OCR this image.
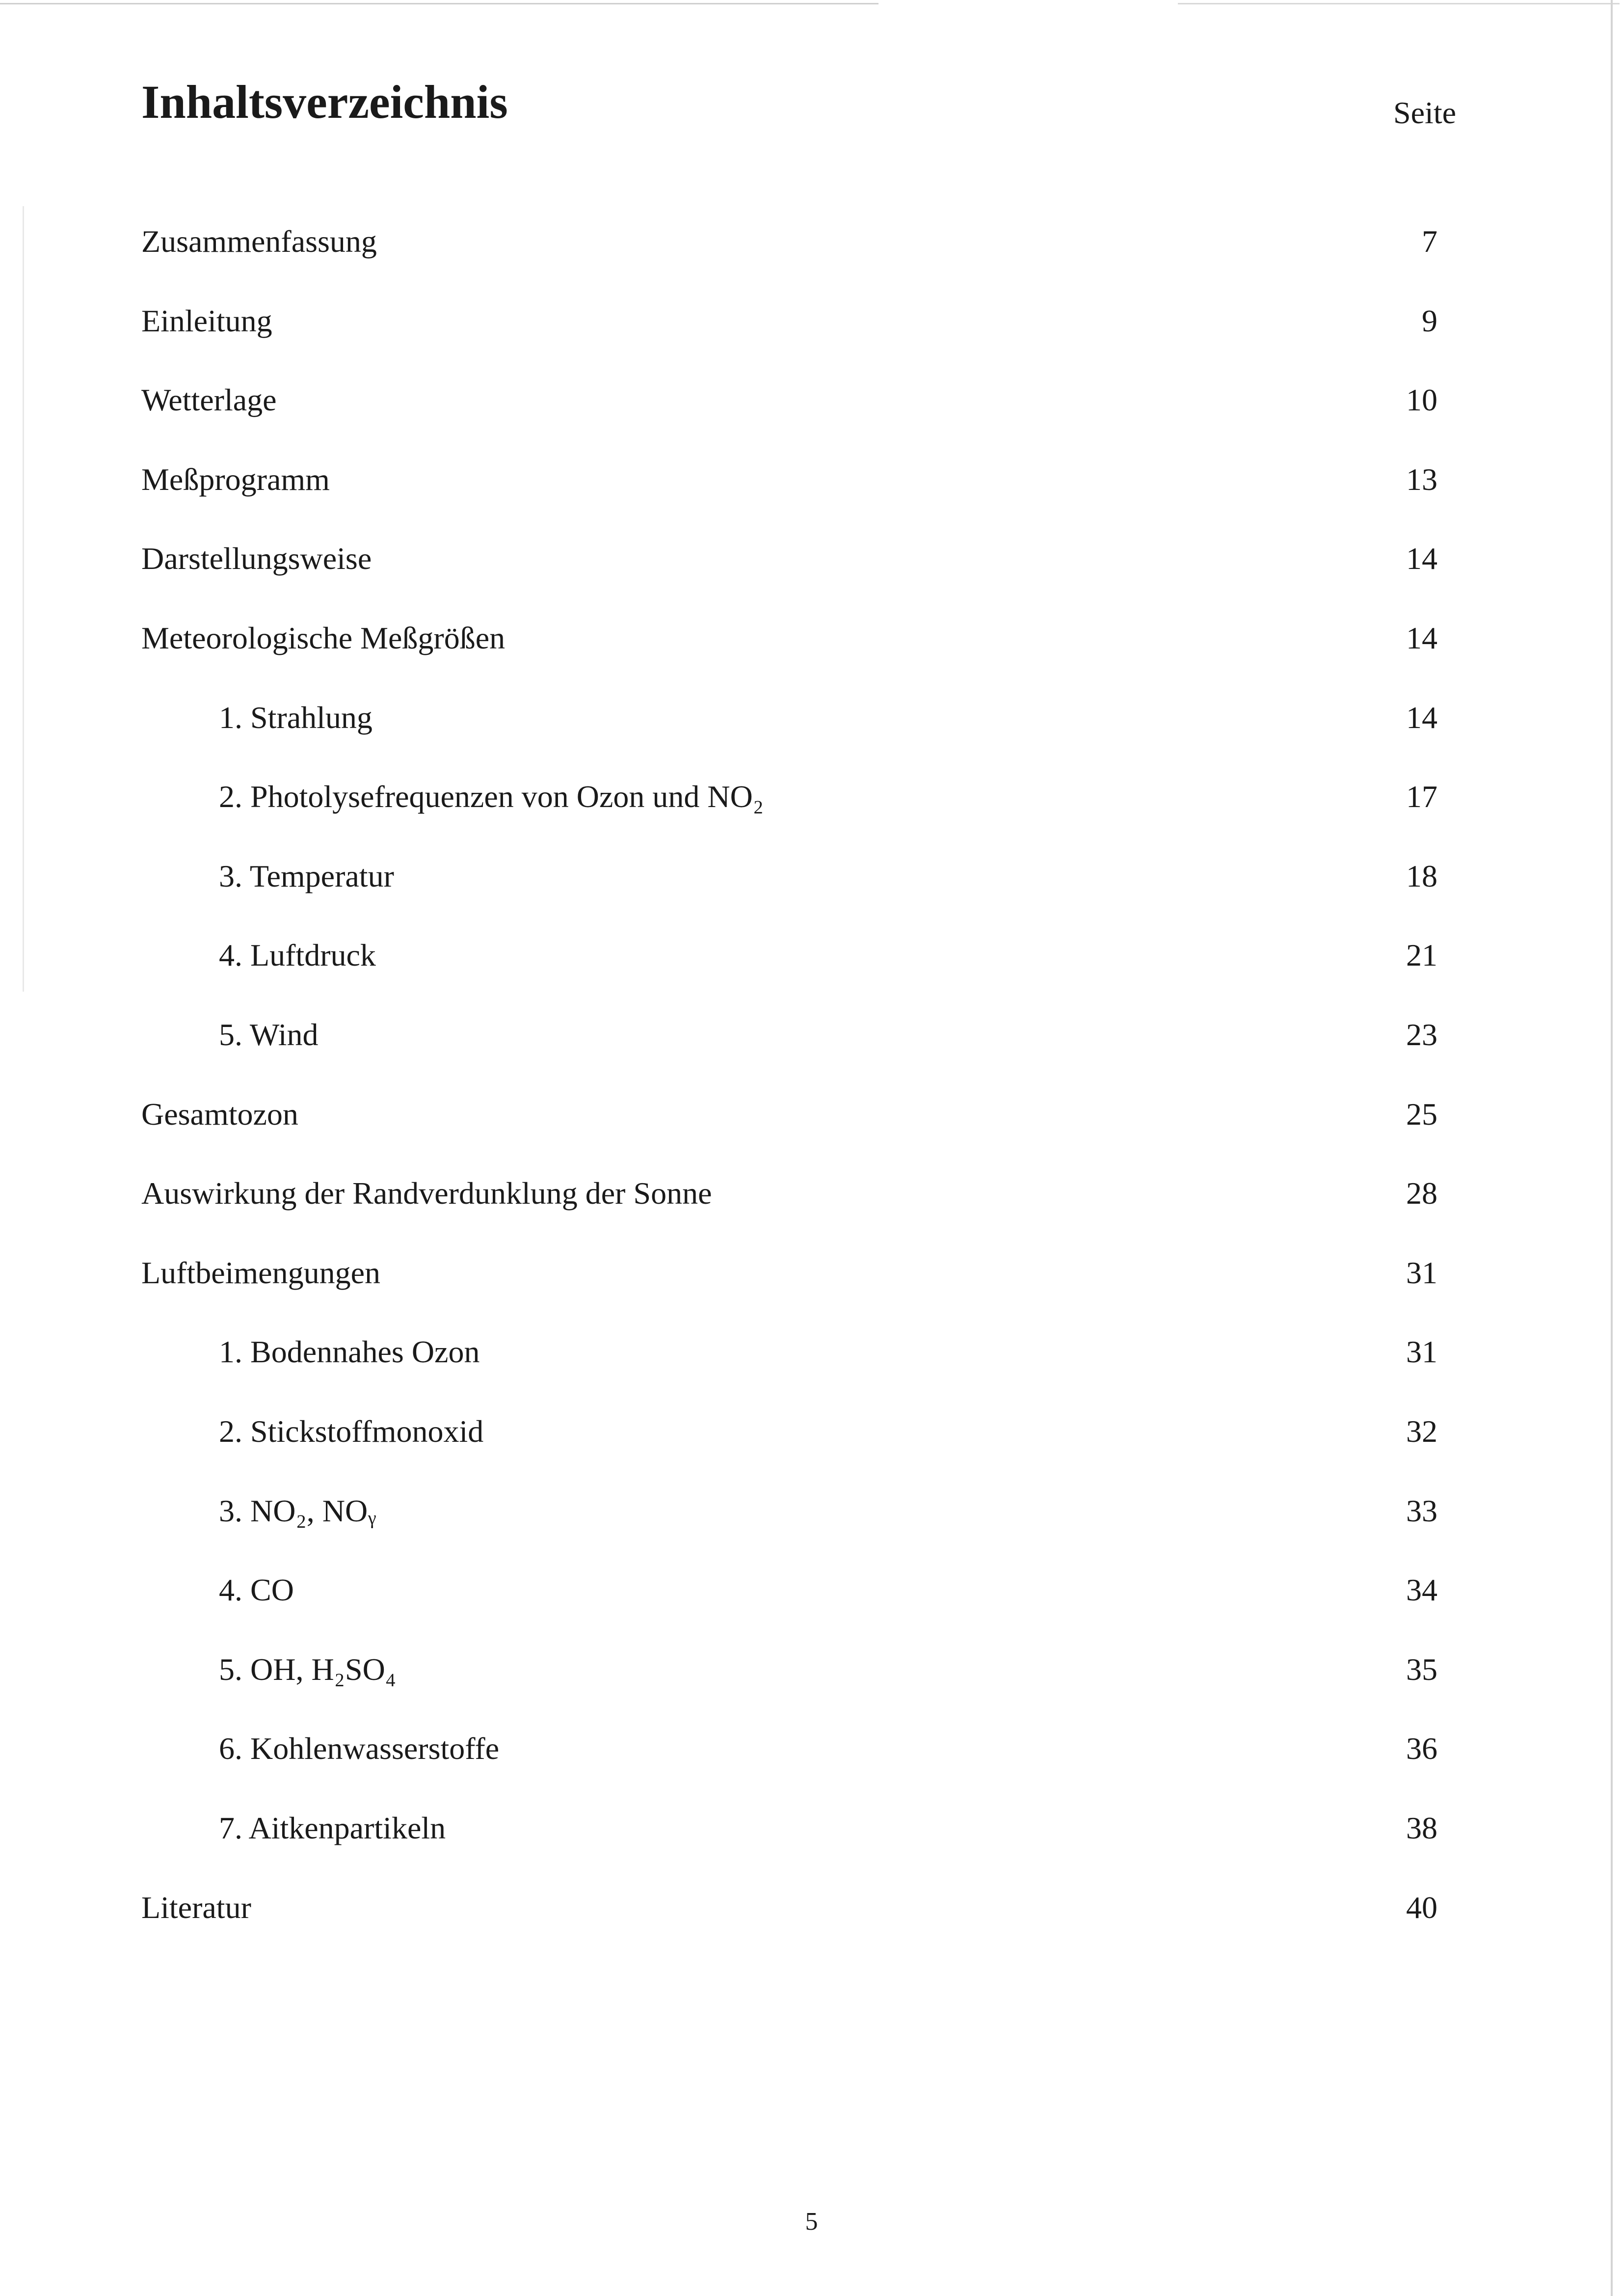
Inhaltsverzeichnis	Seite
Zusammenfassung	7
Einleitung	9
Wetterlage	10
Meßprogramm	13
Darstellungsweise	14
Meteorologische Meßgrößen	14
1. Strahlung	14
2. Photolysefrequenzen von Ozon und NO₂	17
3. Temperatur	18
4. Luftdruck	21
5. Wind	23
Gesamtozon	25
Auswirkung der Randverdunklung der Sonne	28
Luftbeimengungen	31
1. Bodennahes Ozon	31
2. Stickstoffmonoxid	32
3. NO₂, NOᵧ	33
4. CO	34
5. OH, H₂SO₄	35
6. Kohlenwasserstoffe	36
7. Aitkenpartikeln	38
Literatur	40
5
